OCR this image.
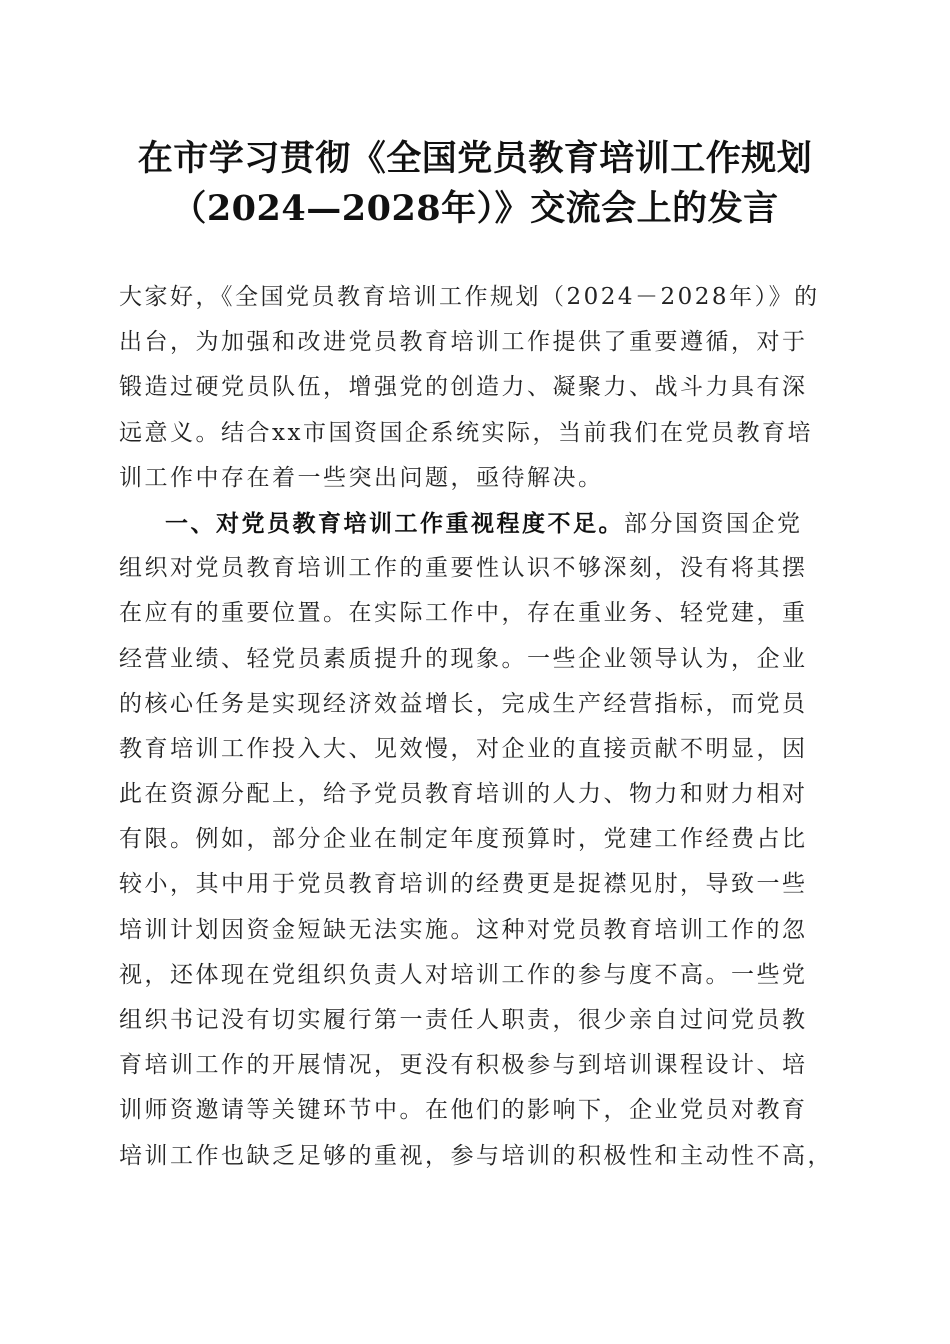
在市学习贯彻《全国党员教育培训工作规划
（2024—2028年）》交流会上的发言
大家好，《全国党员教育培训工作规划（2024－2028年）》的
出台，为加强和改进党员教育培训工作提供了重要遵循，对于
锻造过硬党员队伍，增强党的创造力、凝聚力、战斗力具有深
远意义。结合xx市国资国企系统实际，当前我们在党员教育培
训工作中存在着一些突出问题，亟待解决。
一、对党员教育培训工作重视程度不足。部分国资国企党
组织对党员教育培训工作的重要性认识不够深刻，没有将其摆
在应有的重要位置。在实际工作中，存在重业务、轻党建，重
经营业绩、轻党员素质提升的现象。一些企业领导认为，企业
的核心任务是实现经济效益增长，完成生产经营指标，而党员
教育培训工作投入大、见效慢，对企业的直接贡献不明显，因
此在资源分配上，给予党员教育培训的人力、物力和财力相对
有限。例如，部分企业在制定年度预算时，党建工作经费占比
较小，其中用于党员教育培训的经费更是捉襟见肘，导致一些
培训计划因资金短缺无法实施。这种对党员教育培训工作的忽
视，还体现在党组织负责人对培训工作的参与度不高。一些党
组织书记没有切实履行第一责任人职责，很少亲自过问党员教
育培训工作的开展情况，更没有积极参与到培训课程设计、培
训师资邀请等关键环节中。在他们的影响下，企业党员对教育
培训工作也缺乏足够的重视，参与培训的积极性和主动性不高，
